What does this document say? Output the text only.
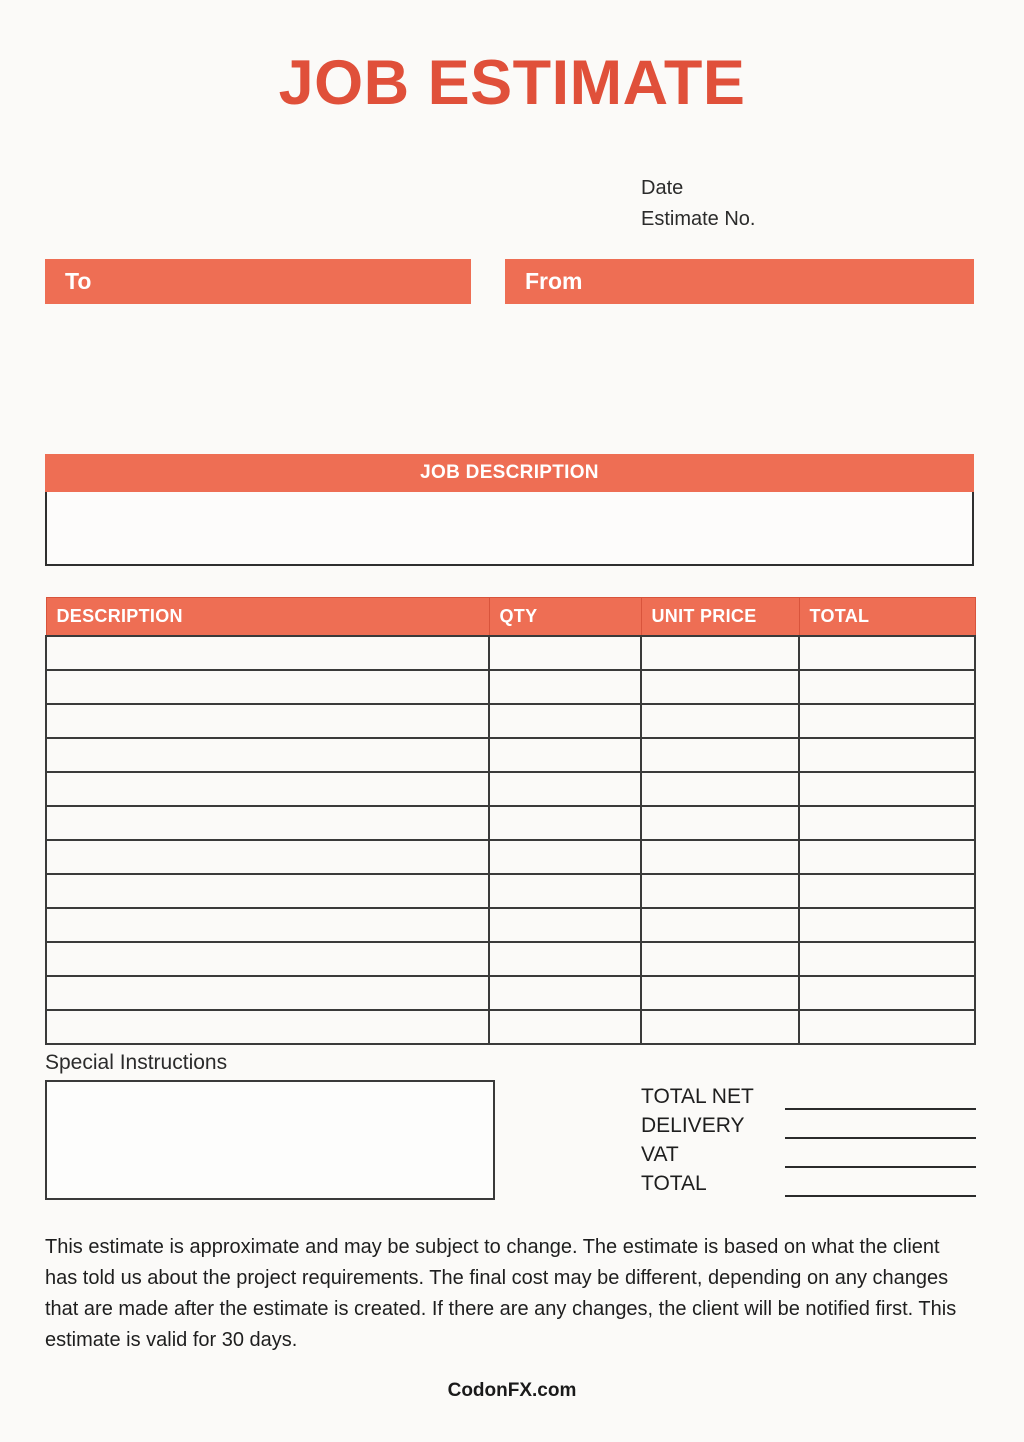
JOB ESTIMATE
Date
Estimate No.
To	From
JOB DESCRIPTION
DESCRIPTION	QTY	UNIT PRICE	TOTAL

Special Instructions
TOTAL NET
DELIVERY
VAT
TOTAL
This estimate is approximate and may be subject to change. The estimate is based on what the client has told us about the project requirements. The final cost may be different, depending on any changes that are made after the estimate is created. If there are any changes, the client will be notified first. This estimate is valid for 30 days.
CodonFX.com
